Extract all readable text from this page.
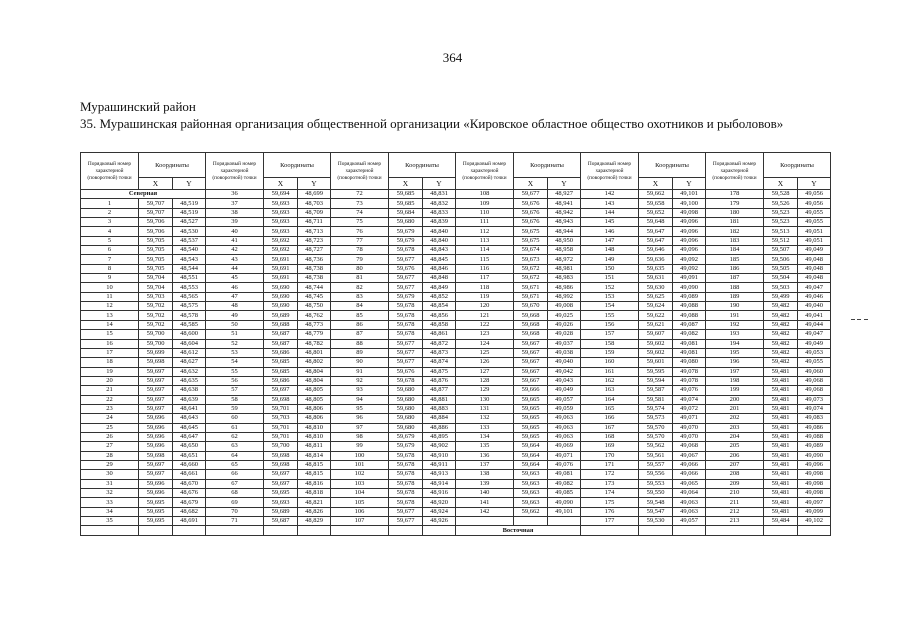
364
Мурашинский район
35. Мурашинская районная организация общественной организации «Кировское областное общество охотников и рыболовов»
Порядковый номер характерной (поворотной) точки	Координаты		Порядковый номер характерной (поворотной) точки	Координаты		Порядковый номер характерной (поворотной) точки	Координаты		Порядковый номер характерной (поворотной) точки	Координаты		Порядковый номер характерной (поворотной) точки	Координаты		Порядковый номер характерной (поворотной) точки	Координаты	
	X	Y		X	Y		X	Y		X	Y		X	Y		X	Y
Северная			36	59,694	48,699	72	59,685	48,831	108	59,677	48,927	142	59,662	49,101	178	59,528	49,056
1	59,707	48,519	37	59,693	48,703	73	59,685	48,832	109	59,676	48,941	143	59,658	49,100	179	59,526	49,056
2	59,707	48,519	38	59,693	48,709	74	59,684	48,833	110	59,676	48,942	144	59,652	49,098	180	59,523	49,055
3	59,706	48,527	39	59,693	48,711	75	59,680	48,839	111	59,676	48,943	145	59,648	49,096	181	59,523	49,055
4	59,706	48,530	40	59,693	48,713	76	59,679	48,840	112	59,675	48,944	146	59,647	49,096	182	59,513	49,051
5	59,705	48,537	41	59,692	48,723	77	59,679	48,840	113	59,675	48,950	147	59,647	49,096	183	59,512	49,051
6	59,705	48,540	42	59,692	48,727	78	59,678	48,843	114	59,674	48,958	148	59,646	49,096	184	59,507	49,049
7	59,705	48,543	43	59,691	48,736	79	59,677	48,845	115	59,673	48,972	149	59,636	49,092	185	59,506	49,048
8	59,705	48,544	44	59,691	48,738	80	59,676	48,846	116	59,672	48,981	150	59,635	49,092	186	59,505	49,048
9	59,704	48,551	45	59,691	48,738	81	59,677	48,848	117	59,672	48,983	151	59,631	49,091	187	59,504	49,048
10	59,704	48,553	46	59,690	48,744	82	59,677	48,849	118	59,671	48,986	152	59,630	49,090	188	59,503	49,047
11	59,703	48,565	47	59,690	48,745	83	59,679	48,852	119	59,671	48,992	153	59,625	49,089	189	59,499	49,046
12	59,702	48,575	48	59,690	48,750	84	59,678	48,854	120	59,670	49,008	154	59,624	49,088	190	59,482	49,040
13	59,702	48,578	49	59,689	48,762	85	59,678	48,856	121	59,668	49,025	155	59,622	49,088	191	59,482	49,041
14	59,702	48,585	50	59,688	48,773	86	59,678	48,858	122	59,668	49,026	156	59,621	49,087	192	59,482	49,044
15	59,700	48,600	51	59,687	48,779	87	59,678	48,861	123	59,668	49,028	157	59,607	49,082	193	59,482	49,047
16	59,700	48,604	52	59,687	48,782	88	59,677	48,872	124	59,667	49,037	158	59,602	49,081	194	59,482	49,049
17	59,699	48,612	53	59,686	48,801	89	59,677	48,873	125	59,667	49,038	159	59,602	49,081	195	59,482	49,053
18	59,698	48,627	54	59,685	48,802	90	59,677	48,874	126	59,667	49,040	160	59,601	49,080	196	59,482	49,055
19	59,697	48,632	55	59,685	48,804	91	59,676	48,875	127	59,667	49,042	161	59,595	49,078	197	59,481	49,060
20	59,697	48,635	56	59,686	48,804	92	59,678	48,876	128	59,667	49,043	162	59,594	49,078	198	59,481	49,068
21	59,697	48,638	57	59,697	48,805	93	59,680	48,877	129	59,666	49,049	163	59,587	49,076	199	59,481	49,068
22	59,697	48,639	58	59,698	48,805	94	59,680	48,881	130	59,665	49,057	164	59,581	49,074	200	59,481	49,073
23	59,697	48,641	59	59,701	48,806	95	59,680	48,883	131	59,665	49,059	165	59,574	49,072	201	59,481	49,074
24	59,696	48,643	60	59,703	48,806	96	59,680	48,884	132	59,665	49,063	166	59,573	49,071	202	59,481	49,083
25	59,696	48,645	61	59,701	48,810	97	59,680	48,886	133	59,665	49,063	167	59,570	49,070	203	59,481	49,086
26	59,696	48,647	62	59,701	48,810	98	59,679	48,895	134	59,665	49,063	168	59,570	49,070	204	59,481	49,088
27	59,696	48,650	63	59,700	48,811	99	59,679	48,902	135	59,664	49,069	169	59,562	49,068	205	59,481	49,089
28	59,698	48,651	64	59,698	48,814	100	59,678	48,910	136	59,664	49,071	170	59,561	49,067	206	59,481	49,090
29	59,697	48,660	65	59,698	48,815	101	59,678	48,911	137	59,664	49,076	171	59,557	49,066	207	59,481	49,096
30	59,697	48,661	66	59,697	48,815	102	59,678	48,913	138	59,663	49,081	172	59,556	49,066	208	59,481	49,098
31	59,696	48,670	67	59,697	48,816	103	59,678	48,914	139	59,663	49,082	173	59,553	49,065	209	59,481	49,098
32	59,696	48,676	68	59,695	48,818	104	59,678	48,916	140	59,663	49,085	174	59,550	49,064	210	59,481	49,098
33	59,695	48,679	69	59,693	48,821	105	59,678	48,920	141	59,663	49,090	175	59,548	49,063	211	59,481	49,097
34	59,695	48,682	70	59,689	48,826	106	59,677	48,924	142	59,662	49,101	176	59,547	49,063	212	59,481	49,099
35	59,695	48,691	71	59,687	48,829	107	59,677	48,926				177	59,530	49,057	213	59,484	49,102
									Восточная								
